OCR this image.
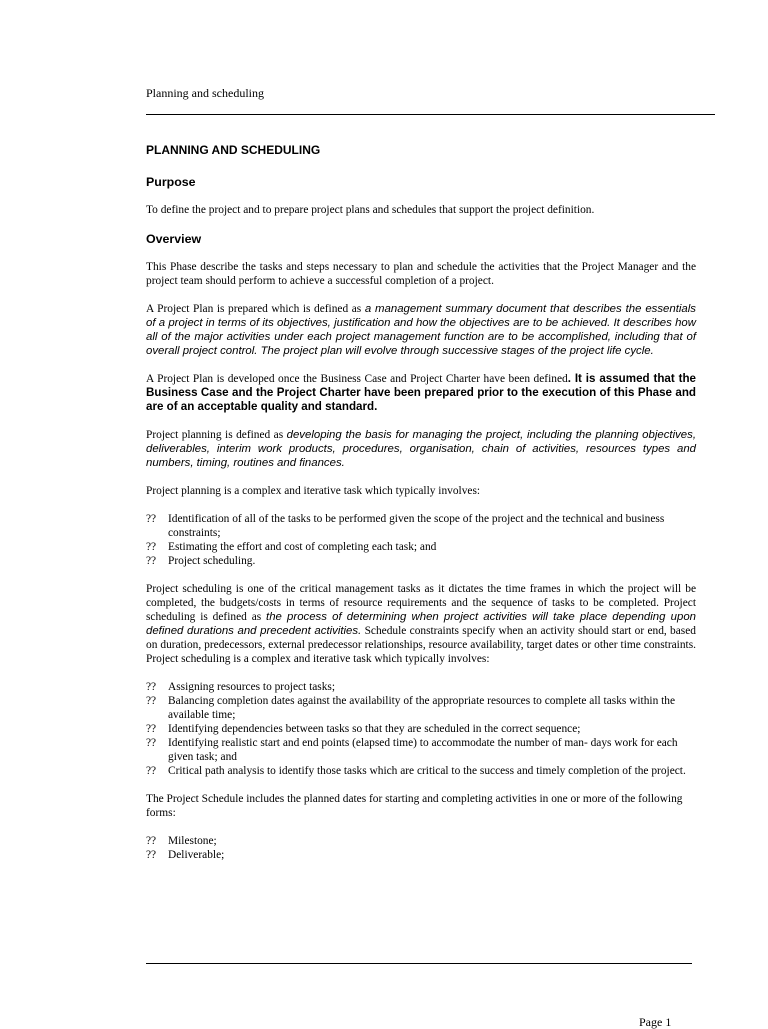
Planning and scheduling
PLANNING AND SCHEDULING
Purpose

To define the project and to prepare project plans and schedules that support the project definition.

Overview

This Phase describe the tasks and steps necessary to plan and schedule the activities that the Project Manager and the project team should perform to achieve a successful completion of a project.

A Project Plan is prepared which is defined as a management summary document that describes the essentials of a project in terms of its objectives, justification and how the objectives are to be achieved. It describes how all of the major activities under each project management function are to be accomplished, including that of overall project control. The project plan will evolve through successive stages of the project life cycle.

A Project Plan is developed once the Business Case and Project Charter have been defined. It is assumed that the Business Case and the Project Charter have been prepared prior to the execution of this Phase and are of an acceptable quality and standard.

Project planning is defined as developing the basis for managing the project, including the planning objectives, deliverables, interim work products, procedures, organisation, chain of activities, resources types and numbers, timing, routines and finances.

Project planning is a complex and iterative task which typically involves:

?? Identification of all of the tasks to be performed given the scope of the project and the technical and business constraints;
?? Estimating the effort and cost of completing each task; and
?? Project scheduling.

Project scheduling is one of the critical management tasks as it dictates the time frames in which the project will be completed, the budgets/costs in terms of resource requirements and the sequence of tasks to be completed. Project scheduling is defined as the process of determining when project activities will take place depending upon defined durations and precedent activities. Schedule constraints specify when an activity should start or end, based on duration, predecessors, external predecessor relationships, resource availability, target dates or other time constraints. Project scheduling is a complex and iterative task which typically involves:

?? Assigning resources to project tasks;
?? Balancing completion dates against the availability of the appropriate resources to complete all tasks within the available time;
?? Identifying dependencies between tasks so that they are scheduled in the correct sequence;
?? Identifying realistic start and end points (elapsed time) to accommodate the number of man- days work for each given task; and
?? Critical path analysis to identify those tasks which are critical to the success and timely completion of the project.

The Project Schedule includes the planned dates for starting and completing activities in one or more of the following forms:

?? Milestone;
?? Deliverable;
Page 1
